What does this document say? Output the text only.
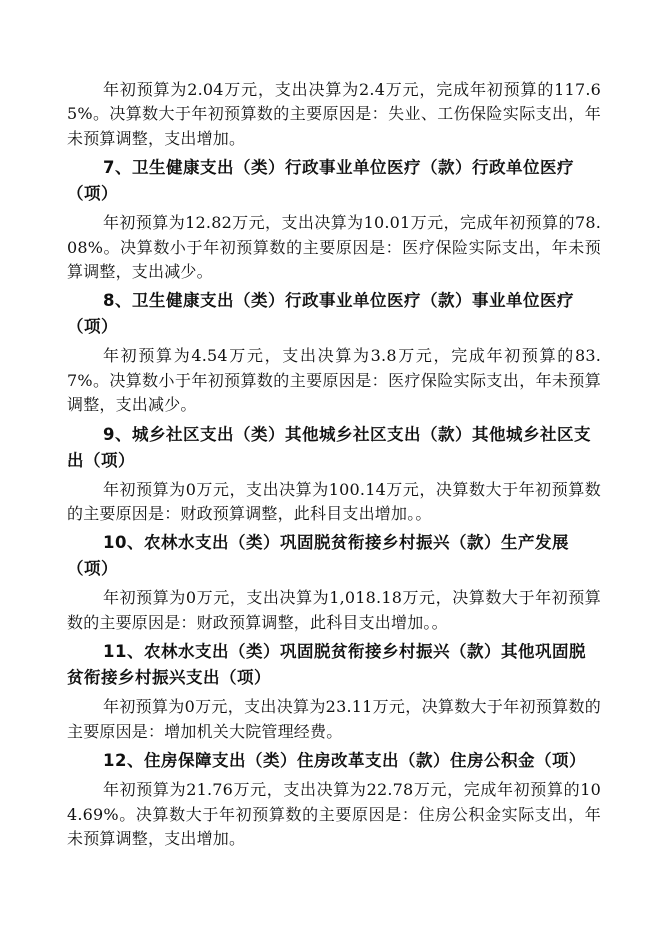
年初预算为2.04万元，支出决算为2.4万元，完成年初预算的117.65%。决算数大于年初预算数的主要原因是：失业、工伤保险实际支出，年未预算调整，支出增加。

7、卫生健康支出（类）行政事业单位医疗（款）行政单位医疗（项）

年初预算为12.82万元，支出决算为10.01万元，完成年初预算的78.08%。决算数小于年初预算数的主要原因是：医疗保险实际支出，年未预算调整，支出减少。

8、卫生健康支出（类）行政事业单位医疗（款）事业单位医疗（项）

年初预算为4.54万元，支出决算为3.8万元，完成年初预算的83.7%。决算数小于年初预算数的主要原因是：医疗保险实际支出，年未预算调整，支出减少。

9、城乡社区支出（类）其他城乡社区支出（款）其他城乡社区支出（项）

年初预算为0万元，支出决算为100.14万元，决算数大于年初预算数的主要原因是：财政预算调整，此科目支出增加。。

10、农林水支出（类）巩固脱贫衔接乡村振兴（款）生产发展（项）

年初预算为0万元，支出决算为1,018.18万元，决算数大于年初预算数的主要原因是：财政预算调整，此科目支出增加。。

11、农林水支出（类）巩固脱贫衔接乡村振兴（款）其他巩固脱贫衔接乡村振兴支出（项）

年初预算为0万元，支出决算为23.11万元，决算数大于年初预算数的主要原因是：增加机关大院管理经费。

12、住房保障支出（类）住房改革支出（款）住房公积金（项）

年初预算为21.76万元，支出决算为22.78万元，完成年初预算的104.69%。决算数大于年初预算数的主要原因是：住房公积金实际支出，年未预算调整，支出增加。
